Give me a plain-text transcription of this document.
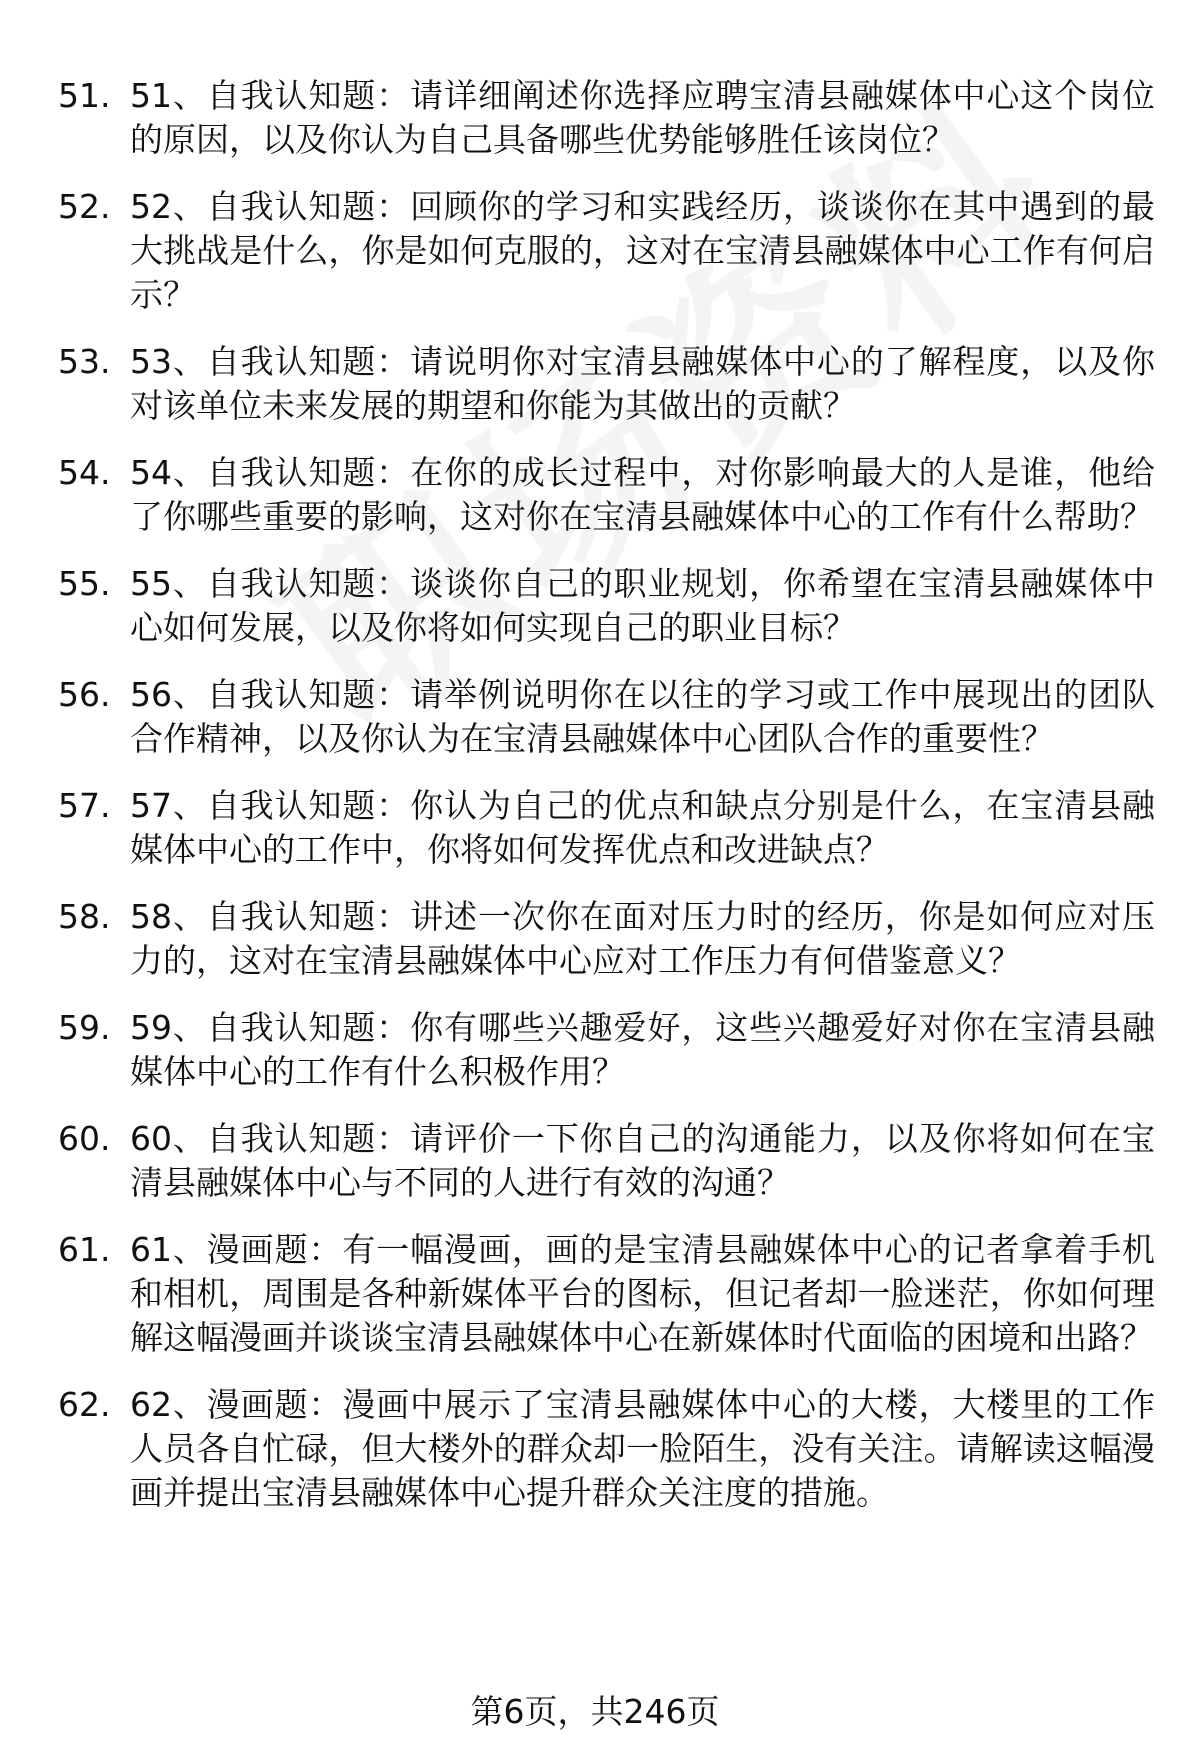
51. 51、自我认知题：请详细阐述你选择应聘宝清县融媒体中心这个岗位的原因，以及你认为自己具备哪些优势能够胜任该岗位？
52. 52、自我认知题：回顾你的学习和实践经历，谈谈你在其中遇到的最大挑战是什么，你是如何克服的，这对在宝清县融媒体中心工作有何启示？
53. 53、自我认知题：请说明你对宝清县融媒体中心的了解程度，以及你对该单位未来发展的期望和你能为其做出的贡献？
54. 54、自我认知题：在你的成长过程中，对你影响最大的人是谁，他给了你哪些重要的影响，这对你在宝清县融媒体中心的工作有什么帮助？
55. 55、自我认知题：谈谈你自己的职业规划，你希望在宝清县融媒体中心如何发展，以及你将如何实现自己的职业目标？
56. 56、自我认知题：请举例说明你在以往的学习或工作中展现出的团队合作精神，以及你认为在宝清县融媒体中心团队合作的重要性？
57. 57、自我认知题：你认为自己的优点和缺点分别是什么，在宝清县融媒体中心的工作中，你将如何发挥优点和改进缺点？
58. 58、自我认知题：讲述一次你在面对压力时的经历，你是如何应对压力的，这对在宝清县融媒体中心应对工作压力有何借鉴意义？
59. 59、自我认知题：你有哪些兴趣爱好，这些兴趣爱好对你在宝清县融媒体中心的工作有什么积极作用？
60. 60、自我认知题：请评价一下你自己的沟通能力，以及你将如何在宝清县融媒体中心与不同的人进行有效的沟通？
61. 61、漫画题：有一幅漫画，画的是宝清县融媒体中心的记者拿着手机和相机，周围是各种新媒体平台的图标，但记者却一脸迷茫，你如何理解这幅漫画并谈谈宝清县融媒体中心在新媒体时代面临的困境和出路？
62. 62、漫画题：漫画中展示了宝清县融媒体中心的大楼，大楼里的工作人员各自忙碌，但大楼外的群众却一脸陌生，没有关注。请解读这幅漫画并提出宝清县融媒体中心提升群众关注度的措施。
第6页，共246页
